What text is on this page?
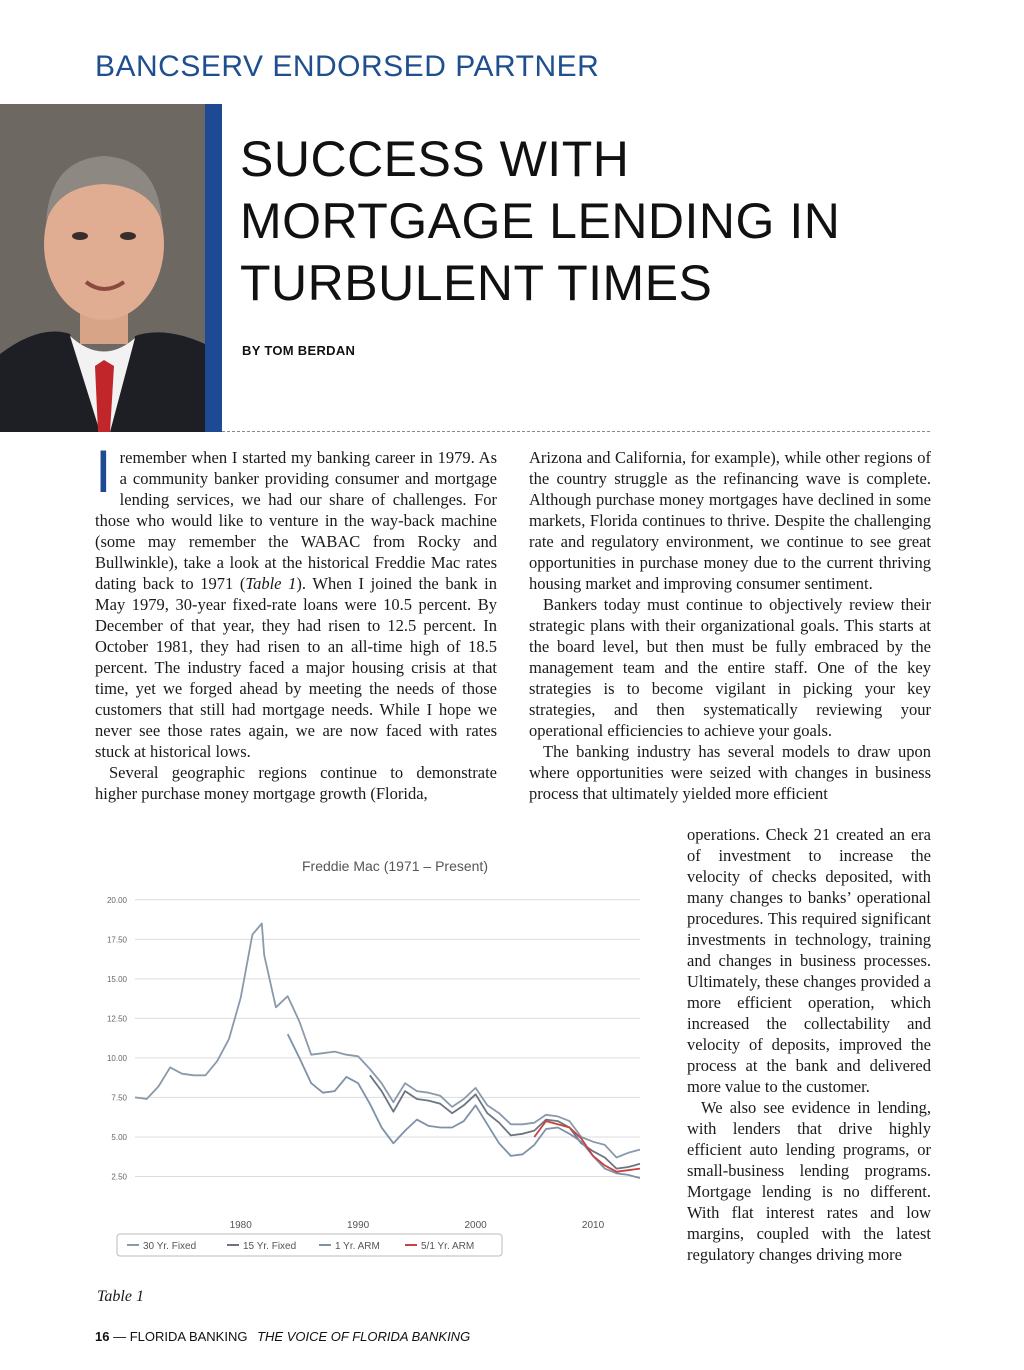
BANCSERV ENDORSED PARTNER
SUCCESS WITH
MORTGAGE LENDING IN
TURBULENT TIMES
BY TOM BERDAN

Iremember when I started my banking career in 1979. As a community banker providing consumer and mortgage lending services, we had our share of challenges. For those who would like to venture in the way-back machine (some may remember the WABAC from Rocky and Bullwinkle), take a look at the historical Freddie Mac rates dating back to 1971 (Table 1). When I joined the bank in May 1979, 30-year fixed-rate loans were 10.5 percent. By December of that year, they had risen to 12.5 percent. In October 1981, they had risen to an all-time high of 18.5 percent. The industry faced a major housing crisis at that time, yet we forged ahead by meeting the needs of those customers that still had mortgage needs. While I hope we never see those rates again, we are now faced with rates stuck at historical lows.

Several geographic regions continue to demonstrate higher purchase money mortgage growth (Florida,

Arizona and California, for example), while other regions of the country struggle as the refinancing wave is complete. Although purchase money mortgages have declined in some markets, Florida continues to thrive. Despite the challenging rate and regulatory environment, we continue to see great opportunities in purchase money due to the current thriving housing market and improving consumer sentiment.

Bankers today must continue to objectively review their strategic plans with their organizational goals. This starts at the board level, but then must be fully embraced by the management team and the entire staff. One of the key strategies is to become vigilant in picking your key strategies, and then systematically reviewing your operational efficiencies to achieve your goals.

The banking industry has several models to draw upon where opportunities were seized with changes in business process that ultimately yielded more efficient

operations. Check 21 created an era of investment to increase the velocity of checks deposited, with many changes to banks’ operational procedures. This required significant investments in technology, training and changes in business processes. Ultimately, these changes provided a more efficient operation, which increased the collectability and velocity of deposits, improved the process at the bank and delivered more value to the customer.

We also see evidence in lending, with lenders that drive highly efficient auto lending programs, or small-business lending programs. Mortgage lending is no different. With flat interest rates and low margins, coupled with the latest regulatory changes driving more

Freddie Mac (1971 – Present)
20.00
17.50
15.00
12.50
10.00
7.50
5.00
2.50
1980	1990	2000	2010
30 Yr. Fixed	15 Yr. Fixed	1 Yr. ARM	5/1 Yr. ARM
Table 1
16 — FLORIDA BANKING THE VOICE OF FLORIDA BANKING
